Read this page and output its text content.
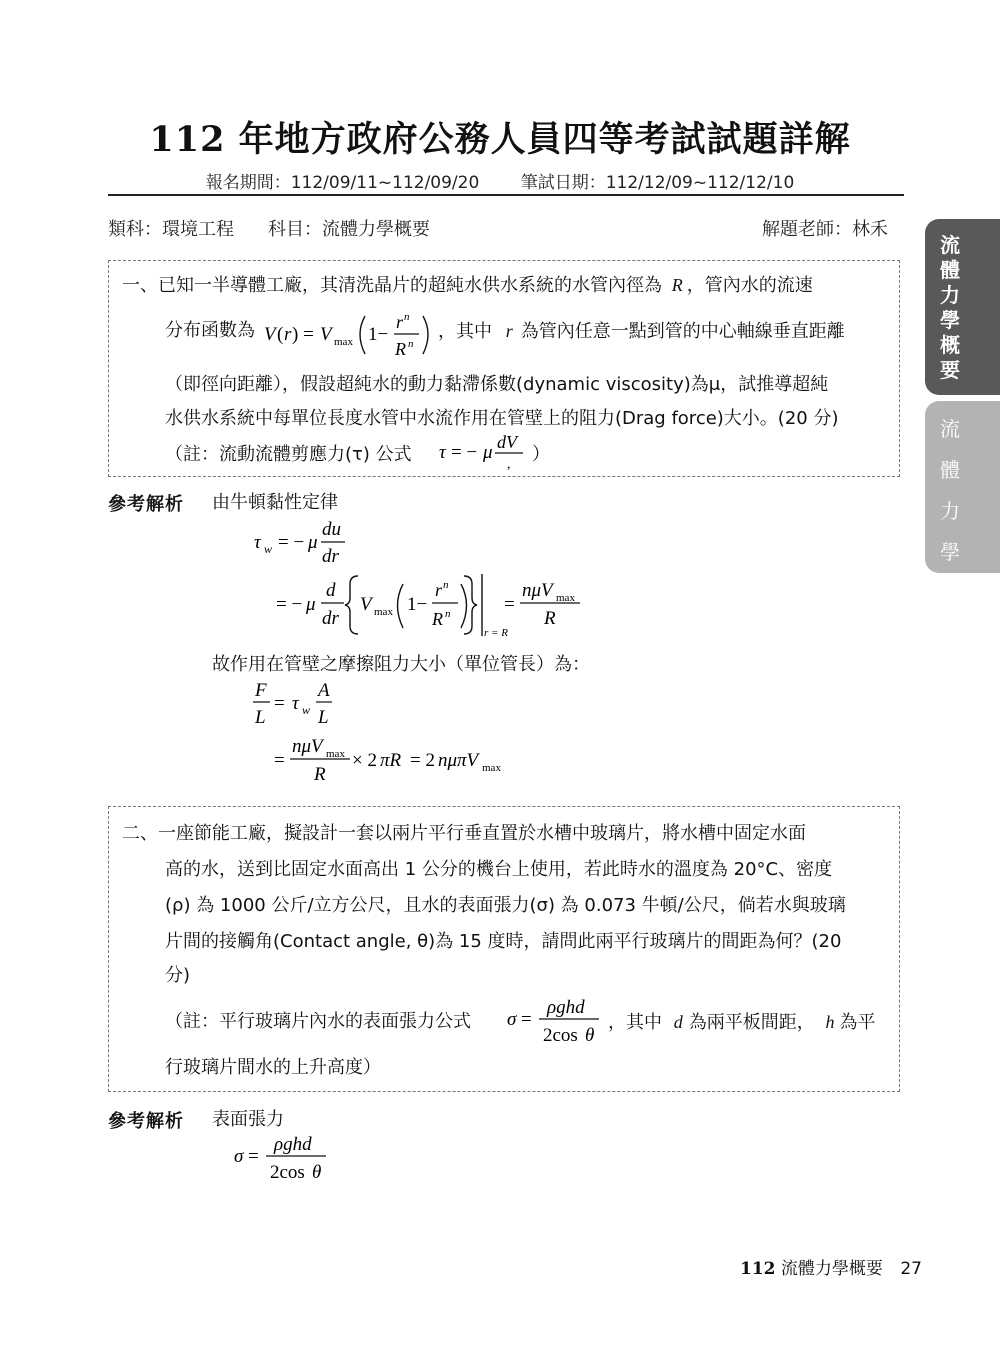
112 年地方政府公務人員四等考試試題詳解
報名期間：112/09/11~112/09/20 筆試日期：112/12/09~112/12/10
類科：環境工程 科目：流體力學概要	解題老師：林禾
流
體
力
學
概
要
流
體
力
學
一、已知一半導體工廠，其清洗晶片的超純水供水系統的水管內徑為 R ，管內水的流速
分布函數為 V ( r ) = V max 1−
r n
R n
，其中 r 為管內任意一點到管的中心軸線垂直距離
（即徑向距離），假設超純水的動力黏滯係數(dynamic viscosity)為μ，試推導超純
水供水系統中每單位長度水管中水流作用在管壁上的阻力(Drag force)大小。(20 分)
（註：流動流體剪應力(τ) 公式 τ = − μ dV
, ）
參考解析 由牛頓黏性定律
τ w = − μ
du
dr
= − μ
d
dr
V max 1−
r n
R n
r = R
=
nμV max
R
故作用在管壁之摩擦阻力大小（單位管長）為：
F
L
= τ w
A
L
=
nμV max
R
× 2 πR = 2 nμπV max
二、一座節能工廠，擬設計一套以兩片平行垂直置於水槽中玻璃片，將水槽中固定水面
高的水，送到比固定水面高出 1 公分的機台上使用，若此時水的溫度為 20°C、密度
(ρ) 為 1000 公斤/立方公尺，且水的表面張力(σ) 為 0.073 牛頓/公尺，倘若水與玻璃
片間的接觸角(Contact angle, θ)為 15 度時，請問此兩平行玻璃片的間距為何？(20
分)
（註：平行玻璃片內水的表面張力公式 σ =
ρghd
2cos θ
，其中 d 為兩平板間距， h 為平
行玻璃片間水的上升高度）
參考解析 表面張力
σ =
ρghd
2cos θ
112 流體力學概要 27
